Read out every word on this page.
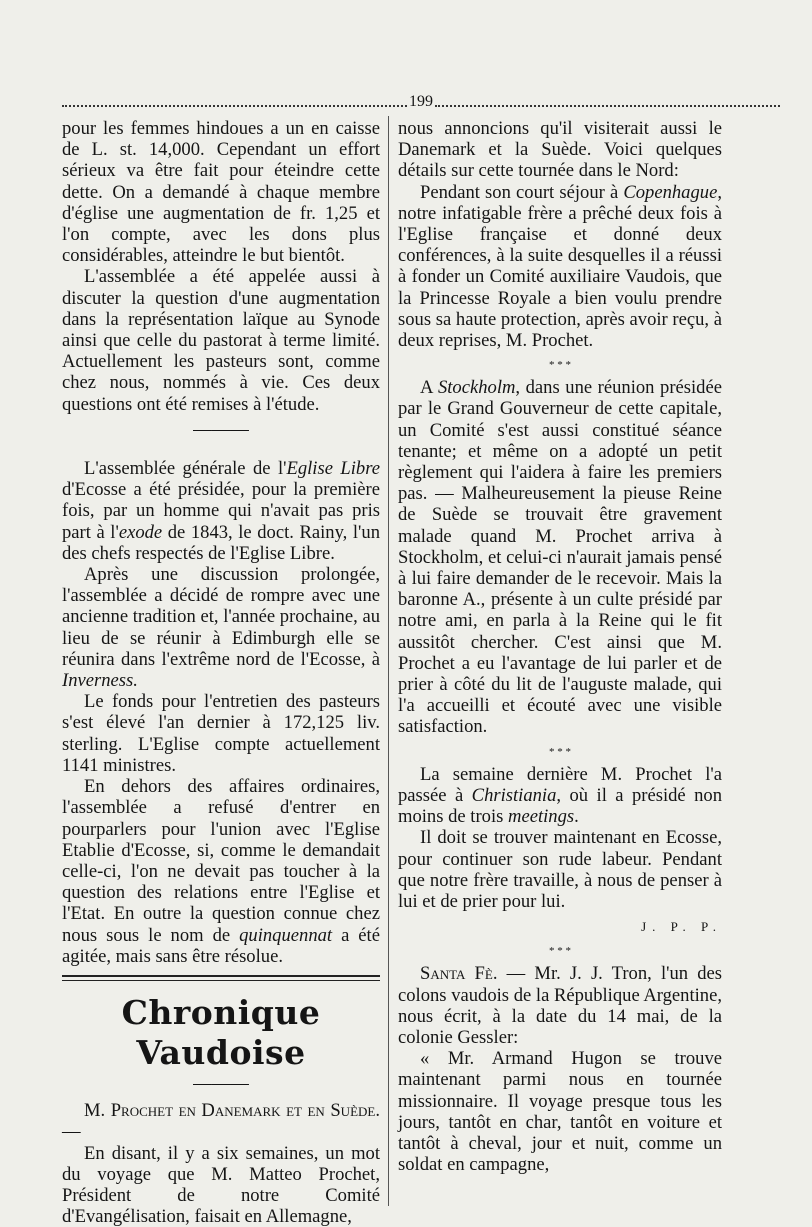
199

pour les femmes hindoues a un en caisse de L. st. 14,000. Cependant un effort sérieux va être fait pour éteindre cette dette. On a demandé à chaque membre d'église une augmentation de fr. 1,25 et l'on compte, avec les dons plus considérables, atteindre le but bientôt.

L'assemblée a été appelée aussi à discuter la question d'une augmentation dans la représentation laïque au Synode ainsi que celle du pastorat à terme limité. Actuellement les pasteurs sont, comme chez nous, nommés à vie. Ces deux questions ont été remises à l'étude.

———

L'assemblée générale de l'Eglise Libre d'Ecosse a été présidée, pour la première fois, par un homme qui n'avait pas pris part à l'exode de 1843, le doct. Rainy, l'un des chefs respectés de l'Eglise Libre.

Après une discussion prolongée, l'assemblée a décidé de rompre avec une ancienne tradition et, l'année prochaine, au lieu de se réunir à Edimburgh elle se réunira dans l'extrême nord de l'Ecosse, à Inverness.

Le fonds pour l'entretien des pasteurs s'est élevé l'an dernier à 172,125 liv. sterling. L'Eglise compte actuellement 1141 ministres.

En dehors des affaires ordinaires, l'assemblée a refusé d'entrer en pourparlers pour l'union avec l'Eglise Etablie d'Ecosse, si, comme le demandait celle-ci, l'on ne devait pas toucher à la question des relations entre l'Eglise et l'Etat. En outre la question connue chez nous sous le nom de quinquennat a été agitée, mais sans être résolue.

Chronique Vaudoise
———

M. Prochet en Danemark et en Suède. —

En disant, il y a six semaines, un mot du voyage que M. Matteo Prochet, Président de notre Comité d'Evangélisation, faisait en Allemagne,

nous annoncions qu'il visiterait aussi le Danemark et la Suède. Voici quelques détails sur cette tournée dans le Nord:

Pendant son court séjour à Copenhague, notre infatigable frère a prêché deux fois à l'Eglise française et donné deux conférences, à la suite desquelles il a réussi à fonder un Comité auxiliaire Vaudois, que la Princesse Royale a bien voulu prendre sous sa haute protection, après avoir reçu, à deux reprises, M. Prochet.

* * *

A Stockholm, dans une réunion présidée par le Grand Gouverneur de cette capitale, un Comité s'est aussi constitué séance tenante; et même on a adopté un petit règlement qui l'aidera à faire les premiers pas. — Malheureusement la pieuse Reine de Suède se trouvait être gravement malade quand M. Prochet arriva à Stockholm, et celui-ci n'aurait jamais pensé à lui faire demander de le recevoir. Mais la baronne A., présente à un culte présidé par notre ami, en parla à la Reine qui le fit aussitôt chercher. C'est ainsi que M. Prochet a eu l'avantage de lui parler et de prier à côté du lit de l'auguste malade, qui l'a accueilli et écouté avec une visible satisfaction.

* * *

La semaine dernière M. Prochet l'a passée à Christiania, où il a présidé non moins de trois meetings.

Il doit se trouver maintenant en Ecosse, pour continuer son rude labeur. Pendant que notre frère travaille, à nous de penser à lui et de prier pour lui.

J. P. P.
* * *

Santa Fè. — Mr. J. J. Tron, l'un des colons vaudois de la République Argentine, nous écrit, à la date du 14 mai, de la colonie Gessler:

« Mr. Armand Hugon se trouve maintenant parmi nous en tournée missionnaire. Il voyage presque tous les jours, tantôt en char, tantôt en voiture et tantôt à cheval, jour et nuit, comme un soldat en campagne,
